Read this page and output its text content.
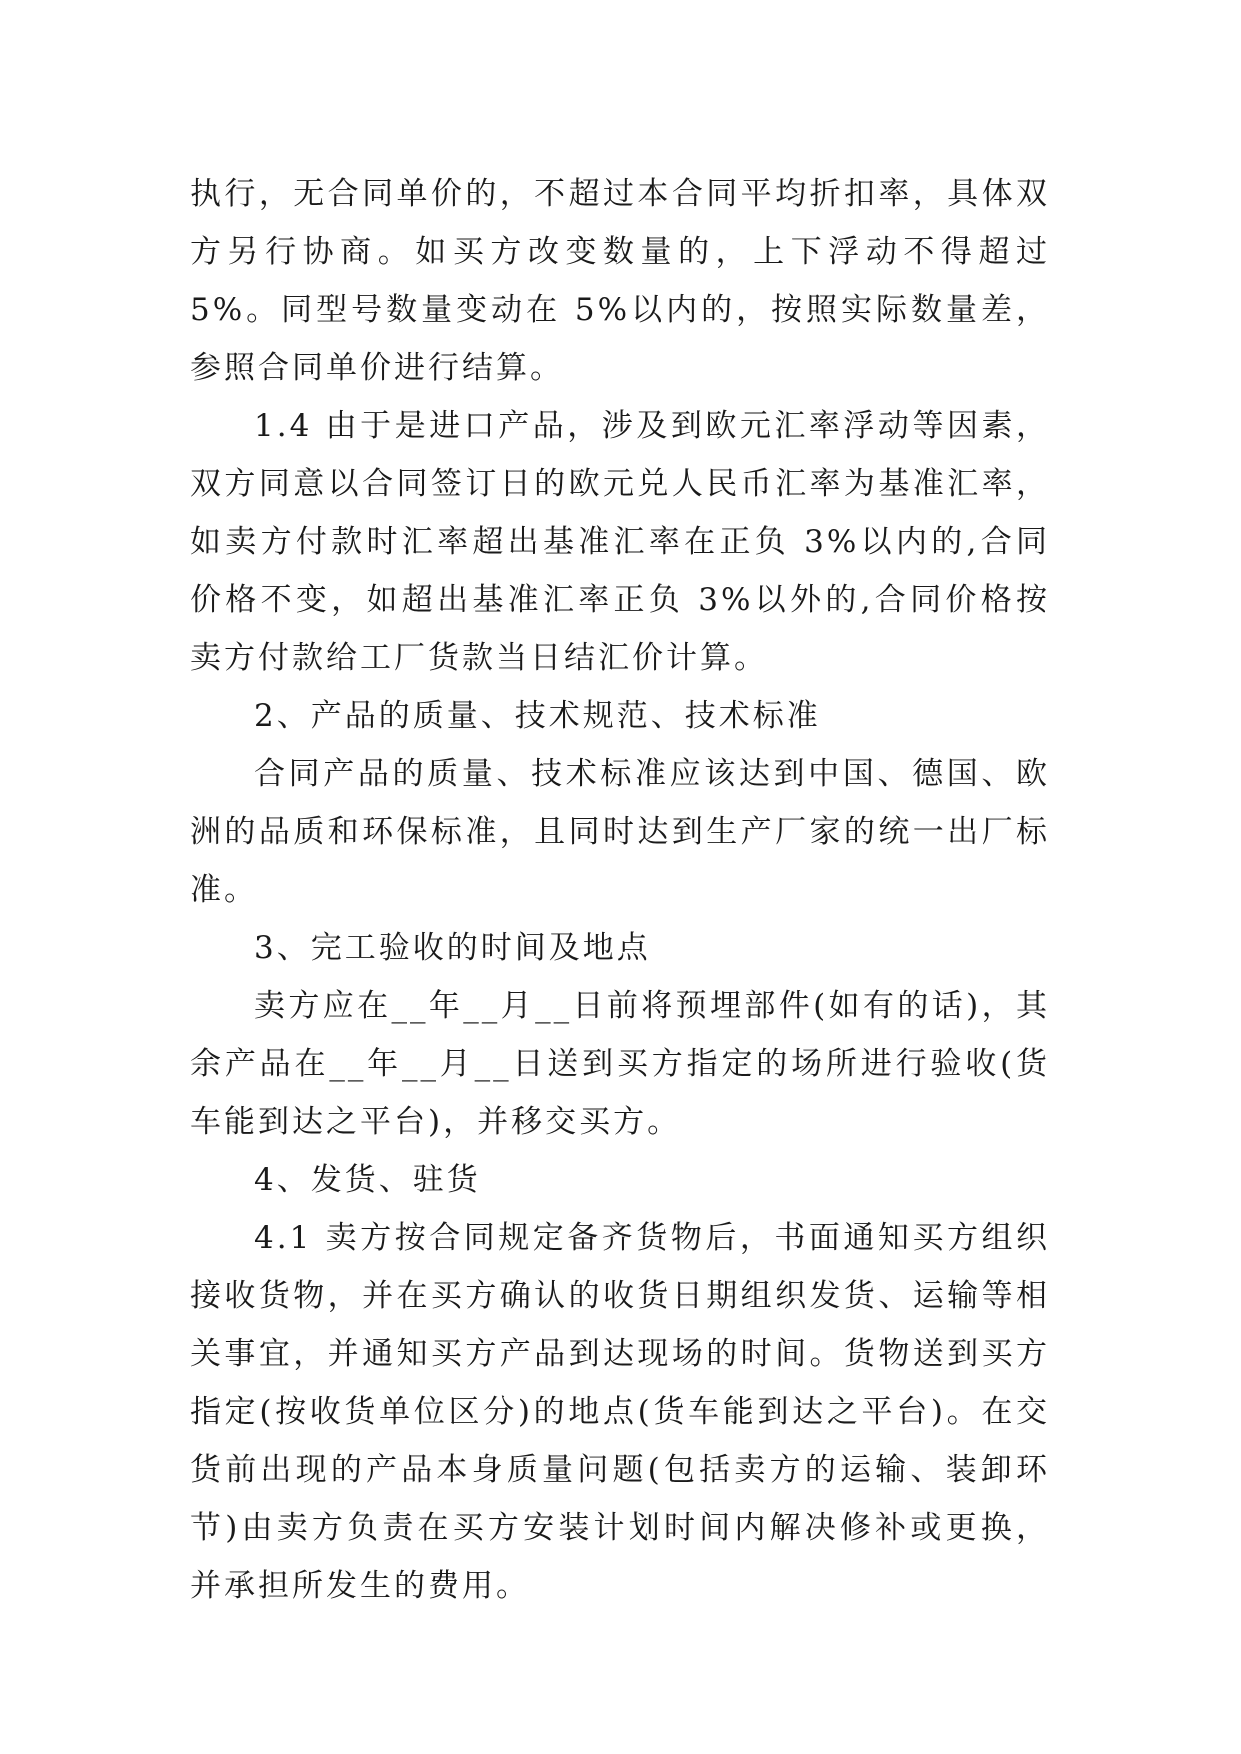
执行，无合同单价的，不超过本合同平均折扣率，具体双方另行协商。如买方改变数量的，上下浮动不得超过 5%。同型号数量变动在 5%以内的，按照实际数量差，参照合同单价进行结算。

1.4 由于是进口产品，涉及到欧元汇率浮动等因素，双方同意以合同签订日的欧元兑人民币汇率为基准汇率，如卖方付款时汇率超出基准汇率在正负 3%以内的,合同价格不变，如超出基准汇率正负 3%以外的,合同价格按卖方付款给工厂货款当日结汇价计算。

2、产品的质量、技术规范、技术标准

合同产品的质量、技术标准应该达到中国、德国、欧洲的品质和环保标准，且同时达到生产厂家的统一出厂标准。

3、完工验收的时间及地点

卖方应在__年__月__日前将预埋部件(如有的话)，其余产品在__年__月__日送到买方指定的场所进行验收(货车能到达之平台)，并移交买方。

4、发货、驻货

4.1 卖方按合同规定备齐货物后，书面通知买方组织接收货物，并在买方确认的收货日期组织发货、运输等相关事宜，并通知买方产品到达现场的时间。货物送到买方指定(按收货单位区分)的地点(货车能到达之平台)。在交货前出现的产品本身质量问题(包括卖方的运输、装卸环节)由卖方负责在买方安装计划时间内解决修补或更换，并承担所发生的费用。
